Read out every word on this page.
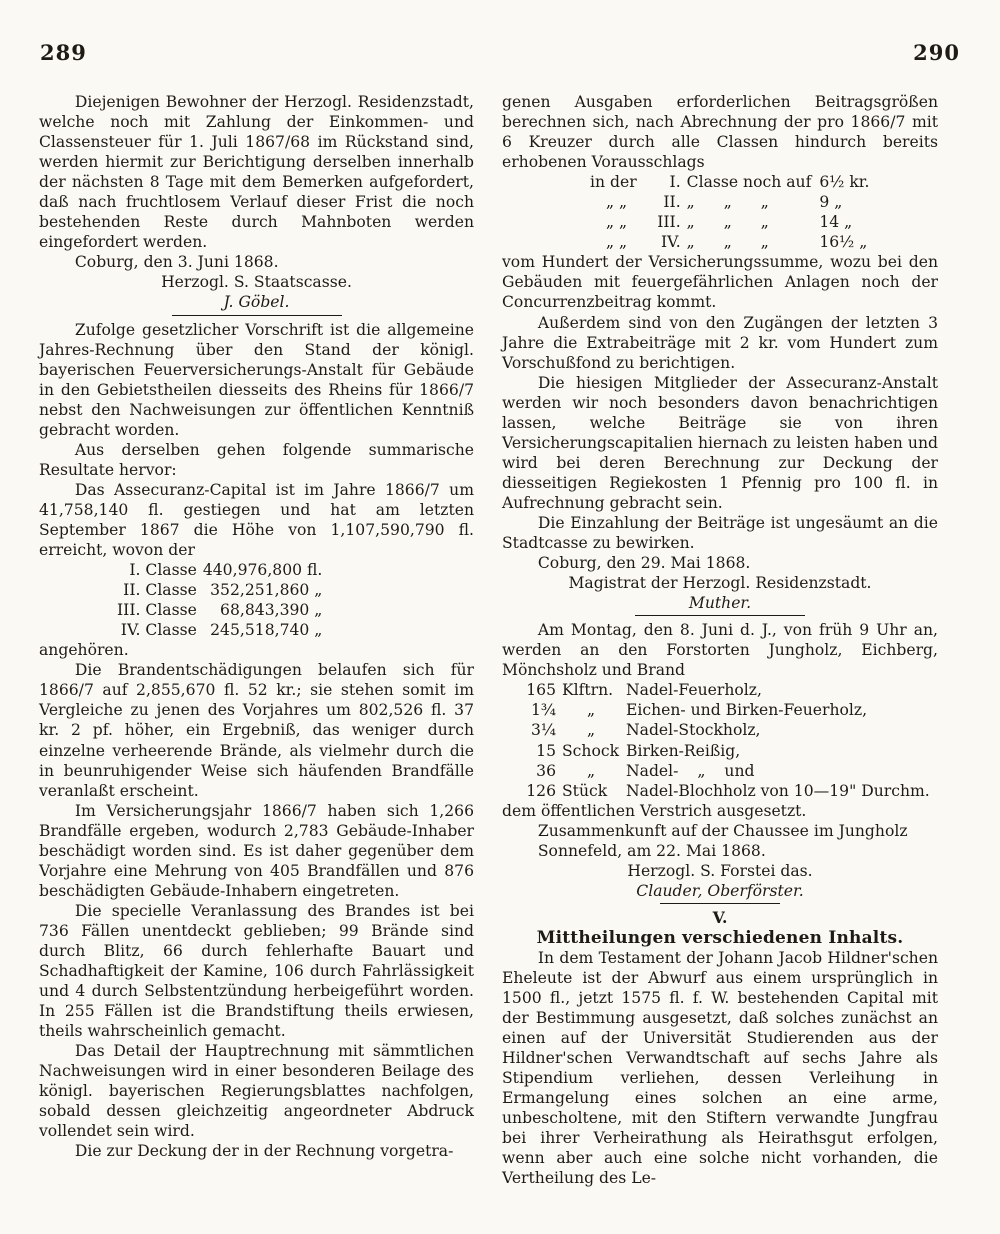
289	290

Diejenigen Bewohner der Herzogl. Residenzstadt, welche noch mit Zahlung der Einkommen- und Classensteuer für 1. Juli 1867/68 im Rückstand sind, werden hiermit zur Berichtigung derselben innerhalb der nächsten 8 Tage mit dem Bemerken aufgefordert, daß nach fruchtlosem Verlauf dieser Frist die noch bestehenden Reste durch Mahnboten werden eingefordert werden.

Coburg, den 3. Juni 1868.

Herzogl. S. Staatscasse.

J. Göbel.

Zufolge gesetzlicher Vorschrift ist die allgemeine Jahres-Rechnung über den Stand der königl. bayerischen Feuerversicherungs-Anstalt für Gebäude in den Gebietstheilen diesseits des Rheins für 1866/7 nebst den Nachweisungen zur öffentlichen Kenntniß gebracht worden.

Aus derselben gehen folgende summarische Resultate hervor:

Das Assecuranz-Capital ist im Jahre 1866/7 um 41,758,140 fl. gestiegen und hat am letzten September 1867 die Höhe von 1,107,590,790 fl. erreicht, wovon der

I. Classe	440,976,800 fl.
II. Classe	352,251,860 „
III. Classe	68,843,390 „
IV. Classe	245,518,740 „

angehören.

Die Brandentschädigungen belaufen sich für 1866/7 auf 2,855,670 fl. 52 kr.; sie stehen somit im Vergleiche zu jenen des Vorjahres um 802,526 fl. 37 kr. 2 pf. höher, ein Ergebniß, das weniger durch einzelne verheerende Brände, als vielmehr durch die in beunruhigender Weise sich häufenden Brandfälle veranlaßt erscheint.

Im Versicherungsjahr 1866/7 haben sich 1,266 Brandfälle ergeben, wodurch 2,783 Gebäude-Inhaber beschädigt worden sind. Es ist daher gegenüber dem Vorjahre eine Mehrung von 405 Brandfällen und 876 beschädigten Gebäude-Inhabern eingetreten.

Die specielle Veranlassung des Brandes ist bei 736 Fällen unentdeckt geblieben; 99 Brände sind durch Blitz, 66 durch fehlerhafte Bauart und Schadhaftigkeit der Kamine, 106 durch Fahrlässigkeit und 4 durch Selbstentzündung herbeigeführt worden. In 255 Fällen ist die Brandstiftung theils erwiesen, theils wahrscheinlich gemacht.

Das Detail der Hauptrechnung mit sämmtlichen Nachweisungen wird in einer besonderen Beilage des königl. bayerischen Regierungsblattes nachfolgen, sobald dessen gleichzeitig angeordneter Abdruck vollendet sein wird.

Die zur Deckung der in der Rechnung vorgetra-

genen Ausgaben erforderlichen Beitragsgrößen berechnen sich, nach Abrechnung der pro 1866/7 mit 6 Kreuzer durch alle Classen hindurch bereits erhobenen Vorausschlags

in der	I.	Classe noch auf	6½ kr.
„ „	II.	„ „ „	9 „
„ „	III.	„ „ „	14 „
„ „	IV.	„ „ „	16½ „

vom Hundert der Versicherungssumme, wozu bei den Gebäuden mit feuergefährlichen Anlagen noch der Concurrenzbeitrag kommt.

Außerdem sind von den Zugängen der letzten 3 Jahre die Extrabeiträge mit 2 kr. vom Hundert zum Vorschußfond zu berichtigen.

Die hiesigen Mitglieder der Assecuranz-Anstalt werden wir noch besonders davon benachrichtigen lassen, welche Beiträge sie von ihren Versicherungscapitalien hiernach zu leisten haben und wird bei deren Berechnung zur Deckung der diesseitigen Regiekosten 1 Pfennig pro 100 fl. in Aufrechnung gebracht sein.

Die Einzahlung der Beiträge ist ungesäumt an die Stadtcasse zu bewirken.

Coburg, den 29. Mai 1868.

Magistrat der Herzogl. Residenzstadt.

Muther.

Am Montag, den 8. Juni d. J., von früh 9 Uhr an, werden an den Forstorten Jungholz, Eichberg, Mönchsholz und Brand

165	Klftrn.	Nadel-Feuerholz,
1¾	„	Eichen- und Birken-Feuerholz,
3¼	„	Nadel-Stockholz,
15	Schock	Birken-Reißig,
36	„	Nadel- „ und
126	Stück	Nadel-Blochholz von 10—19" Durchm.

dem öffentlichen Verstrich ausgesetzt.

Zusammenkunft auf der Chaussee im Jungholz

Sonnefeld, am 22. Mai 1868.

Herzogl. S. Forstei das.

Clauder, Oberförster.

V.

Mittheilungen verschiedenen Inhalts.

In dem Testament der Johann Jacob Hildner'schen Eheleute ist der Abwurf aus einem ursprünglich in 1500 fl., jetzt 1575 fl. f. W. bestehenden Capital mit der Bestimmung ausgesetzt, daß solches zunächst an einen auf der Universität Studierenden aus der Hildner'schen Verwandtschaft auf sechs Jahre als Stipendium verliehen, dessen Verleihung in Ermangelung eines solchen an eine arme, unbescholtene, mit den Stiftern verwandte Jungfrau bei ihrer Verheirathung als Heirathsgut erfolgen, wenn aber auch eine solche nicht vorhanden, die Vertheilung des Le-
